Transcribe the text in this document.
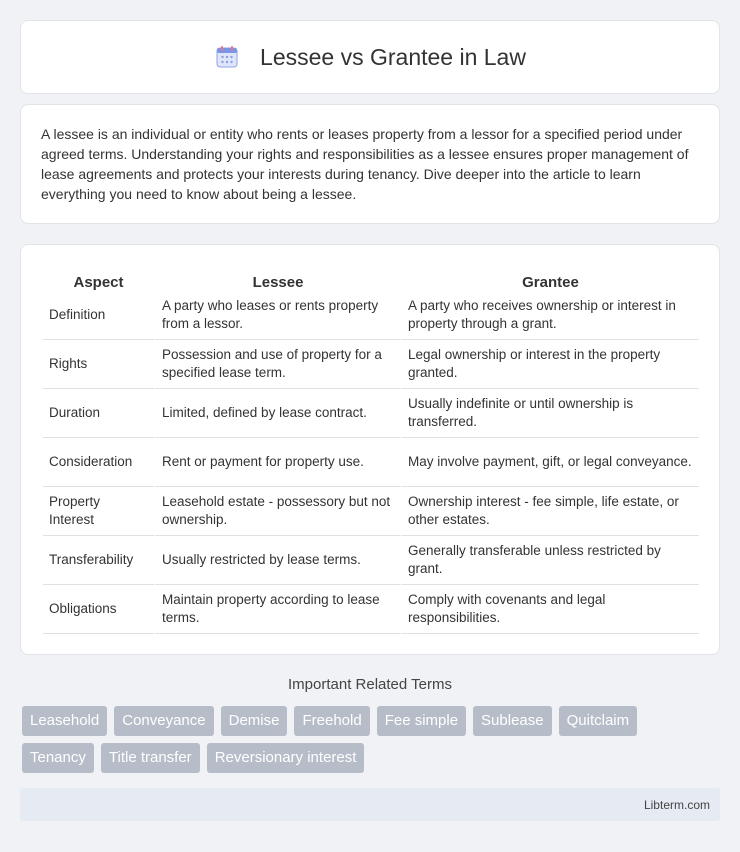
Lessee vs Grantee in Law

A lessee is an individual or entity who rents or leases property from a lessor for a specified period under agreed terms. Understanding your rights and responsibilities as a lessee ensures proper management of lease agreements and protects your interests during tenancy. Dive deeper into the article to learn everything you need to know about being a lessee.

Aspect	Lessee	Grantee
Definition	A party who leases or rents property from a lessor.	A party who receives ownership or interest in property through a grant.
Rights	Possession and use of property for a specified lease term.	Legal ownership or interest in the property granted.
Duration	Limited, defined by lease contract.	Usually indefinite or until ownership is transferred.
Consideration	Rent or payment for property use.	May involve payment, gift, or legal conveyance.
Property Interest	Leasehold estate - possessory but not ownership.	Ownership interest - fee simple, life estate, or other estates.
Transferability	Usually restricted by lease terms.	Generally transferable unless restricted by grant.
Obligations	Maintain property according to lease terms.	Comply with covenants and legal responsibilities.
Important Related Terms
Leasehold	Conveyance	Demise	Freehold	Fee simple	Sublease	Quitclaim
Tenancy	Title transfer	Reversionary interest
Libterm.com
